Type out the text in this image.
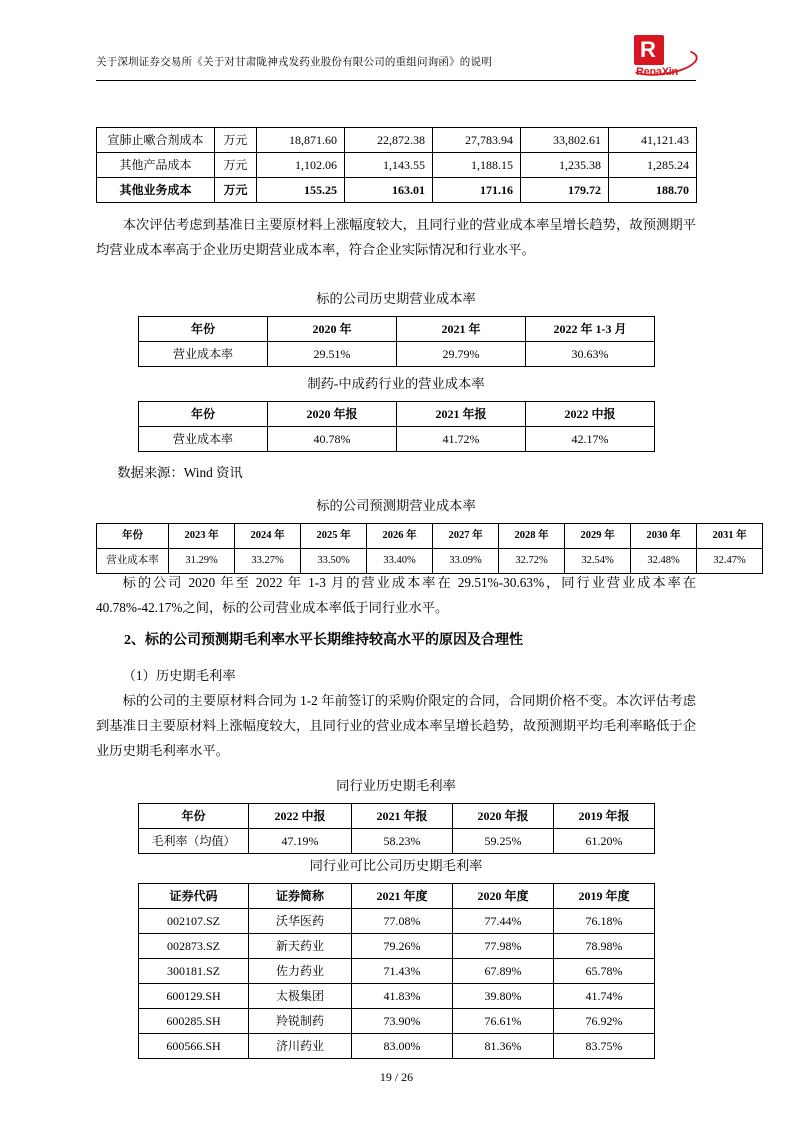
关于深圳证券交易所《关于对甘肃陇神戎发药业股份有限公司的重组问询函》的说明
R
RenaXin
宣肺止嗽合剂成本	万元	18,871.60	22,872.38	27,783.94	33,802.61	41,121.43
其他产品成本	万元	1,102.06	1,143.55	1,188.15	1,235.38	1,285.24
其他业务成本	万元	155.25	163.01	171.16	179.72	188.70

本次评估考虑到基准日主要原材料上涨幅度较大，且同行业的营业成本率呈增长趋势，故预测期平均营业成本率高于企业历史期营业成本率，符合企业实际情况和行业水平。

标的公司历史期营业成本率

年份	2020 年	2021 年	2022 年 1-3 月
营业成本率	29.51%	29.79%	30.63%

制药-中成药行业的营业成本率

年份	2020 年报	2021 年报	2022 中报
营业成本率	40.78%	41.72%	42.17%

数据来源：Wind 资讯

标的公司预测期营业成本率

年份	2023 年	2024 年	2025 年	2026 年	2027 年	2028 年	2029 年	2030 年	2031 年
营业成本率	31.29%	33.27%	33.50%	33.40%	33.09%	32.72%	32.54%	32.48%	32.47%

标的公司 2020 年至 2022 年 1-3 月的营业成本率在 29.51%-30.63%，同行业营业成本率在 40.78%-42.17%之间，标的公司营业成本率低于同行业水平。

2、标的公司预测期毛利率水平长期维持较高水平的原因及合理性

（1）历史期毛利率

标的公司的主要原材料合同为 1-2 年前签订的采购价限定的合同，合同期价格不变。本次评估考虑到基准日主要原材料上涨幅度较大，且同行业的营业成本率呈增长趋势，故预测期平均毛利率略低于企业历史期毛利率水平。

同行业历史期毛利率

年份	2022 中报	2021 年报	2020 年报	2019 年报
毛利率（均值）	47.19%	58.23%	59.25%	61.20%

同行业可比公司历史期毛利率

证券代码	证券简称	2021 年度	2020 年度	2019 年度
002107.SZ	沃华医药	77.08%	77.44%	76.18%
002873.SZ	新天药业	79.26%	77.98%	78.98%
300181.SZ	佐力药业	71.43%	67.89%	65.78%
600129.SH	太极集团	41.83%	39.80%	41.74%
600285.SH	羚锐制药	73.90%	76.61%	76.92%
600566.SH	济川药业	83.00%	81.36%	83.75%
19 / 26
